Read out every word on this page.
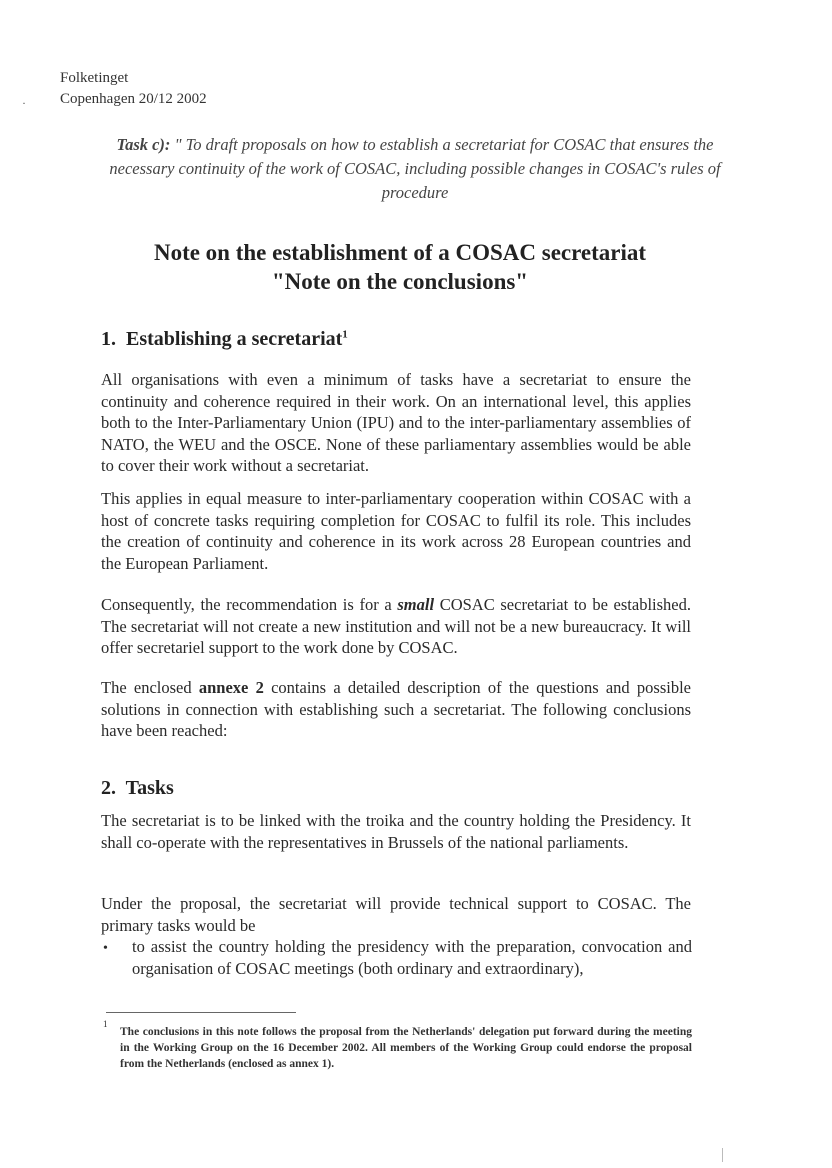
·
Folketinget
Copenhagen 20/12 2002
Task c): " To draft proposals on how to establish a secretariat for COSAC that ensures the necessary continuity of the work of COSAC, including possible changes in COSAC's rules of procedure
Note on the establishment of a COSAC secretariat
"Note on the conclusions"
1. Establishing a secretariat$^1$
All organisations with even a minimum of tasks have a secretariat to ensure the continuity and coherence required in their work. On an international level, this applies both to the Inter-Parliamentary Union (IPU) and to the inter-parliamentary assemblies of NATO, the WEU and the OSCE. None of these parliamentary assemblies would be able to cover their work without a secretariat.
This applies in equal measure to inter-parliamentary cooperation within COSAC with a host of concrete tasks requiring completion for COSAC to fulfil its role. This includes the creation of continuity and coherence in its work across 28 European countries and the European Parliament.
Consequently, the recommendation is for a small COSAC secretariat to be established. The secretariat will not create a new institution and will not be a new bureaucracy. It will offer secretariel support to the work done by COSAC.
The enclosed annexe 2 contains a detailed description of the questions and possible solutions in connection with establishing such a secretariat. The following conclusions have been reached:
2. Tasks
The secretariat is to be linked with the troika and the country holding the Presidency. It shall co-operate with the representatives in Brussels of the national parliaments.
Under the proposal, the secretariat will provide technical support to COSAC. The primary tasks would be
• to assist the country holding the presidency with the preparation, convocation and organisation of COSAC meetings (both ordinary and extraordinary),
1
The conclusions in this note follows the proposal from the Netherlands' delegation put forward during the meeting in the Working Group on the 16 December 2002. All members of the Working Group could endorse the proposal from the Netherlands (enclosed as annex 1).
